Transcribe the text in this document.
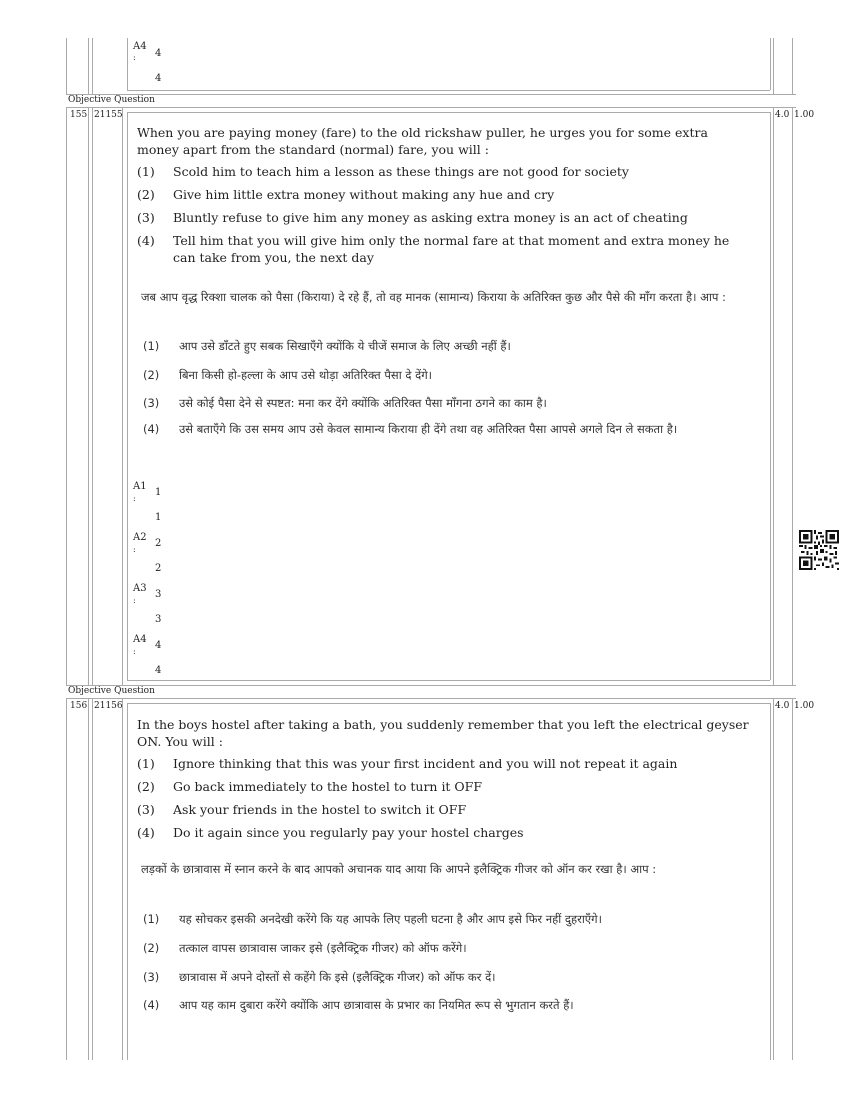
A4
: 4
4
Objective Question
155 21155	4.0 1.00
When you are paying money (fare) to the old rickshaw puller, he urges you for some extra money apart from the standard (normal) fare, you will :
(1)	Scold him to teach him a lesson as these things are not good for society
(2)	Give him little extra money without making any hue and cry
(3)	Bluntly refuse to give him any money as asking extra money is an act of cheating
(4)	Tell him that you will give him only the normal fare at that moment and extra money he can take from you, the next day
जब आप वृद्ध रिक्शा चालक को पैसा (किराया) दे रहे हैं, तो वह मानक (सामान्य) किराया के अतिरिक्त कुछ और पैसे की माँग करता है। आप :
(1)	आप उसे डाँटते हुए सबक सिखाएँगे क्योंकि ये चीजें समाज के लिए अच्छी नहीं हैं।
(2)	बिना किसी हो-हल्ला के आप उसे थोड़ा अतिरिक्त पैसा दे देंगे।
(3)	उसे कोई पैसा देने से स्पष्टत: मना कर देंगे क्योंकि अतिरिक्त पैसा माँगना ठगने का काम है।
(4)	उसे बताएँगे कि उस समय आप उसे केवल सामान्य किराया ही देंगे तथा वह अतिरिक्त पैसा आपसे अगले दिन ले सकता है।
A1
:
1
1
A2
:
2
2
A3
:
3
3
A4
:
4
4
Objective Question
156 21156	4.0 1.00
In the boys hostel after taking a bath, you suddenly remember that you left the electrical geyser ON. You will :
(1)	Ignore thinking that this was your first incident and you will not repeat it again
(2)	Go back immediately to the hostel to turn it OFF
(3)	Ask your friends in the hostel to switch it OFF
(4)	Do it again since you regularly pay your hostel charges
लड़कों के छात्रावास में स्नान करने के बाद आपको अचानक याद आया कि आपने इलैक्ट्रिक गीजर को ऑन कर रखा है। आप :
(1)	यह सोचकर इसकी अनदेखी करेंगे कि यह आपके लिए पहली घटना है और आप इसे फिर नहीं दुहराएँगे।
(2)	तत्काल वापस छात्रावास जाकर इसे (इलैक्ट्रिक गीजर) को ऑफ करेंगे।
(3)	छात्रावास में अपने दोस्तों से कहेंगे कि इसे (इलैक्ट्रिक गीजर) को ऑफ कर दें।
(4)	आप यह काम दुबारा करेंगे क्योंकि आप छात्रावास के प्रभार का नियमित रूप से भुगतान करते हैं।
